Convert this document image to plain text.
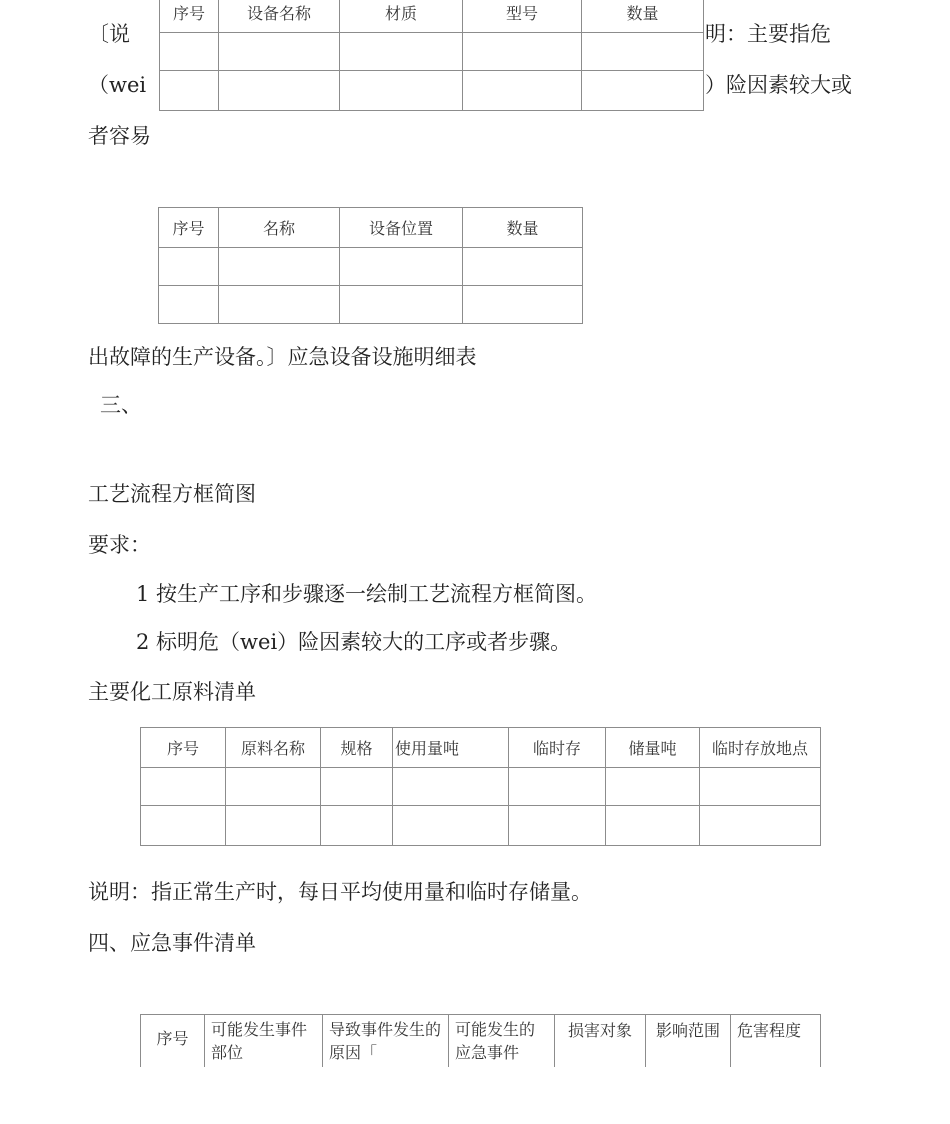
序号	设备名称	材质	型号	数量

〔说	明：主要指危
（wei	）险因素较大或
者容易
序号	名称	设备位置	数量

出故障的生产设备。〕应急设备设施明细表
三、
工艺流程方框简图
要求：
1 按生产工序和步骤逐一绘制工艺流程方框简图。
2 标明危（wei）险因素较大的工序或者步骤。
主要化工原料清单
序号	原料名称	规格	使用量吨	临时存	储量吨	临时存放地点

说明：指正常生产时，每日平均使用量和临时存储量。
四、应急事件清单
序号	可能发生事件部位	导致事件发生的原因「	可能发生的应急事件	损害对象	影响范围	危害程度
